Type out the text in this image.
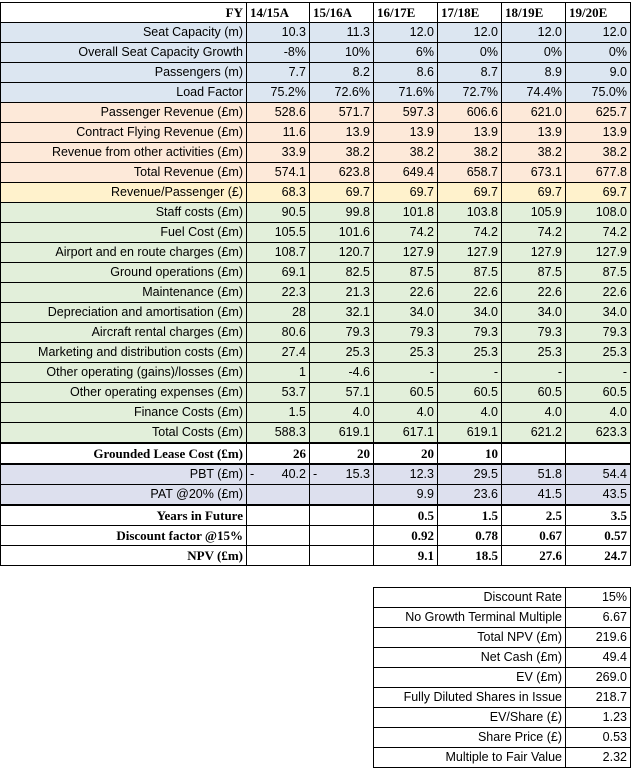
FY	14/15A	15/16A	16/17E	17/18E	18/19E	19/20E
Seat Capacity (m)	10.3	11.3	12.0	12.0	12.0	12.0
Overall Seat Capacity Growth	-8%	10%	6%	0%	0%	0%
Passengers (m)	7.7	8.2	8.6	8.7	8.9	9.0
Load Factor	75.2%	72.6%	71.6%	72.7%	74.4%	75.0%
Passenger Revenue (£m)	528.6	571.7	597.3	606.6	621.0	625.7
Contract Flying Revenue (£m)	11.6	13.9	13.9	13.9	13.9	13.9
Revenue from other activities (£m)	33.9	38.2	38.2	38.2	38.2	38.2
Total Revenue (£m)	574.1	623.8	649.4	658.7	673.1	677.8
Revenue/Passenger (£)	68.3	69.7	69.7	69.7	69.7	69.7
Staff costs (£m)	90.5	99.8	101.8	103.8	105.9	108.0
Fuel Cost (£m)	105.5	101.6	74.2	74.2	74.2	74.2
Airport and en route charges (£m)	108.7	120.7	127.9	127.9	127.9	127.9
Ground operations (£m)	69.1	82.5	87.5	87.5	87.5	87.5
Maintenance (£m)	22.3	21.3	22.6	22.6	22.6	22.6
Depreciation and amortisation (£m)	28	32.1	34.0	34.0	34.0	34.0
Aircraft rental charges (£m)	80.6	79.3	79.3	79.3	79.3	79.3
Marketing and distribution costs (£m)	27.4	25.3	25.3	25.3	25.3	25.3
Other operating (gains)/losses (£m)	1	-4.6	-	-	-	-
Other operating expenses (£m)	53.7	57.1	60.5	60.5	60.5	60.5
Finance Costs (£m)	1.5	4.0	4.0	4.0	4.0	4.0
Total Costs (£m)	588.3	619.1	617.1	619.1	621.2	623.3
Grounded Lease Cost (£m)	26	20	20	10		
PBT (£m)	- 40.2	- 15.3	12.3	29.5	51.8	54.4
PAT @20% (£m)			9.9	23.6	41.5	43.5
Years in Future			0.5	1.5	2.5	3.5
Discount factor @15%			0.92	0.78	0.67	0.57
NPV (£m)			9.1	18.5	27.6	24.7
Discount Rate	15%
No Growth Terminal Multiple	6.67
Total NPV (£m)	219.6
Net Cash (£m)	49.4
EV (£m)	269.0
Fully Diluted Shares in Issue	218.7
EV/Share (£)	1.23
Share Price (£)	0.53
Multiple to Fair Value	2.32
